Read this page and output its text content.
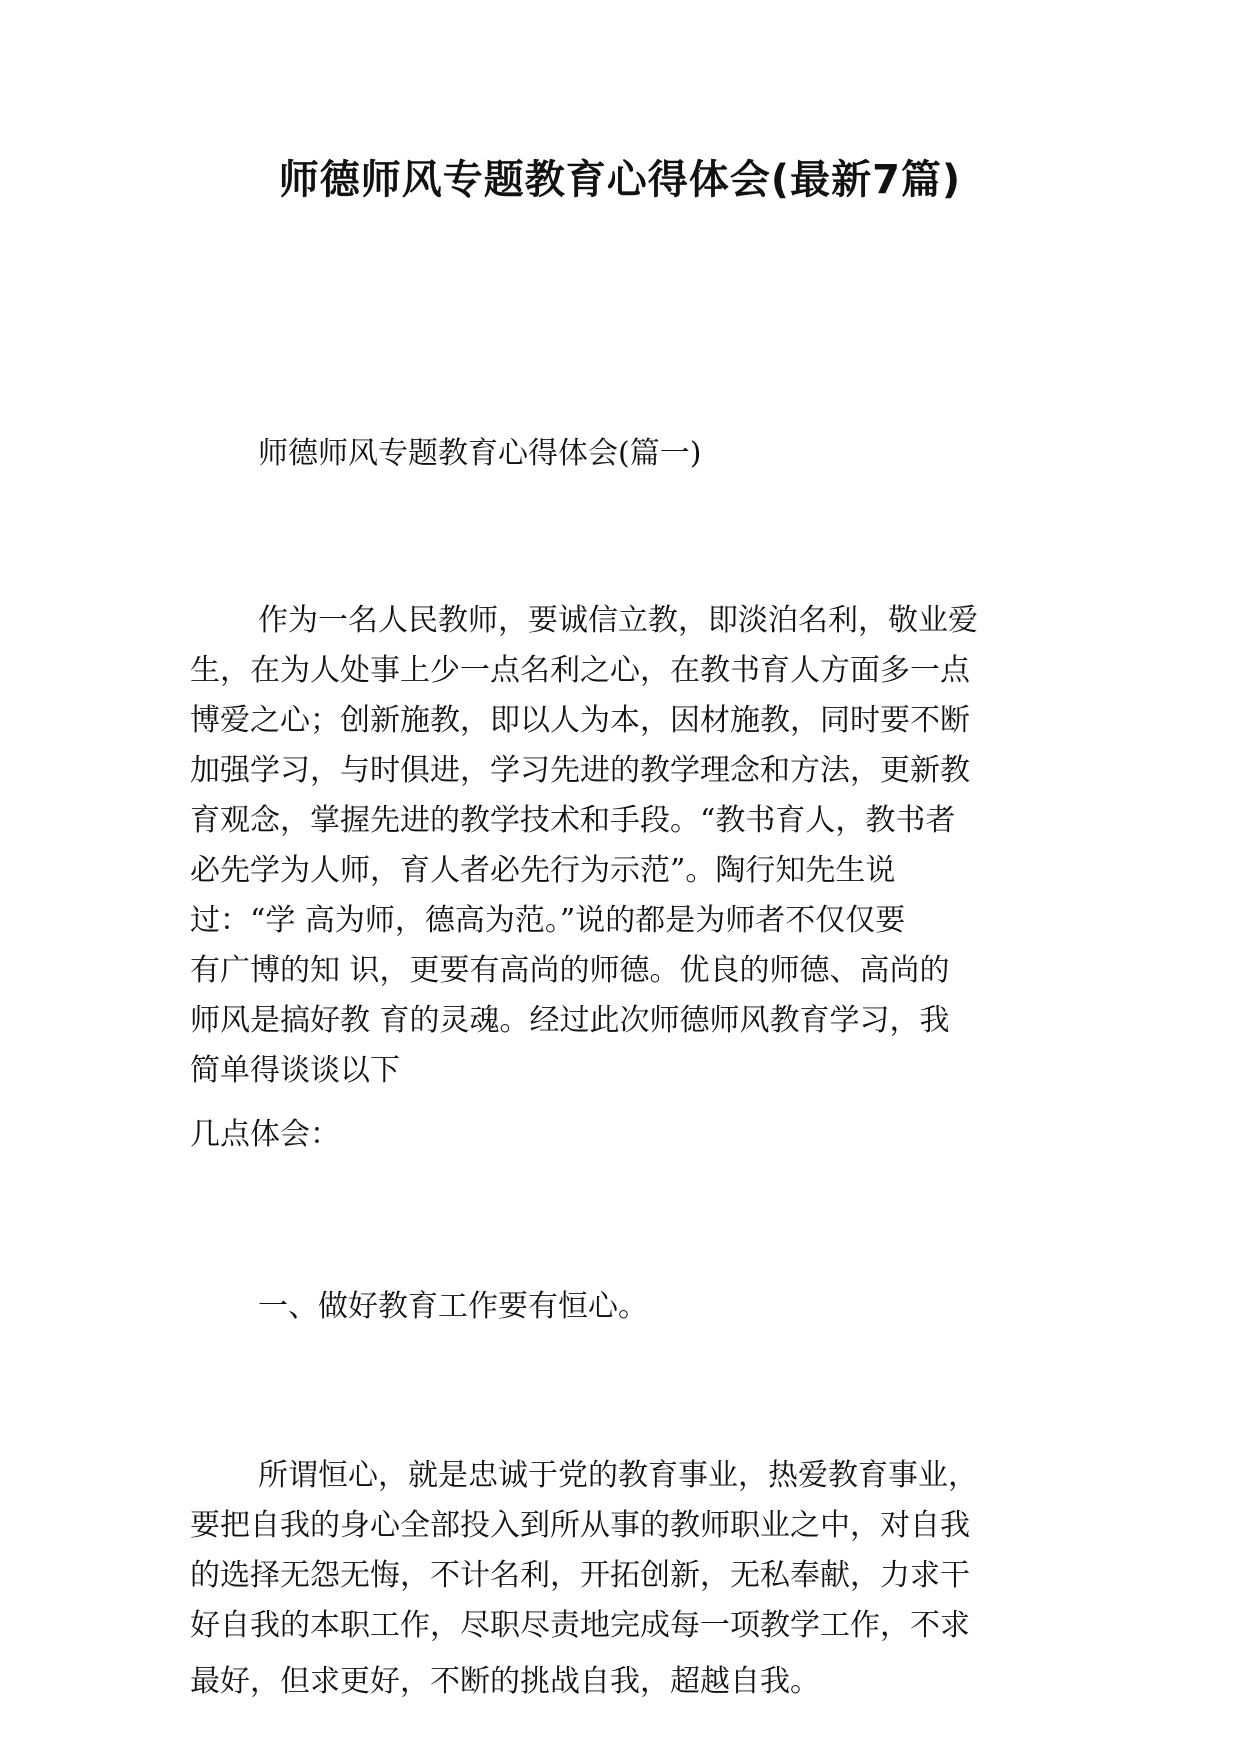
师德师风专题教育心得体会(最新7篇)

师德师风专题教育心得体会(篇一)

作为一名人民教师，要诚信立教，即淡泊名利，敬业爱
生，在为人处事上少一点名利之心，在教书育人方面多一点
博爱之心；创新施教，即以人为本，因材施教，同时要不断
加强学习，与时俱进，学习先进的教学理念和方法，更新教
育观念，掌握先进的教学技术和手段。“教书育人，教书者
必先学为人师，育人者必先行为示范”。陶行知先生说
过：“学 高为师，德高为范。”说的都是为师者不仅仅要
有广博的知 识，更要有高尚的师德。优良的师德、高尚的
师风是搞好教 育的灵魂。经过此次师德师风教育学习，我
简单得谈谈以下

几点体会：

一、做好教育工作要有恒心。

所谓恒心，就是忠诚于党的教育事业，热爱教育事业，
要把自我的身心全部投入到所从事的教师职业之中，对自我
的选择无怨无悔，不计名利，开拓创新，无私奉献，力求干
好自我的本职工作，尽职尽责地完成每一项教学工作，不求
最好，但求更好，不断的挑战自我，超越自我。
